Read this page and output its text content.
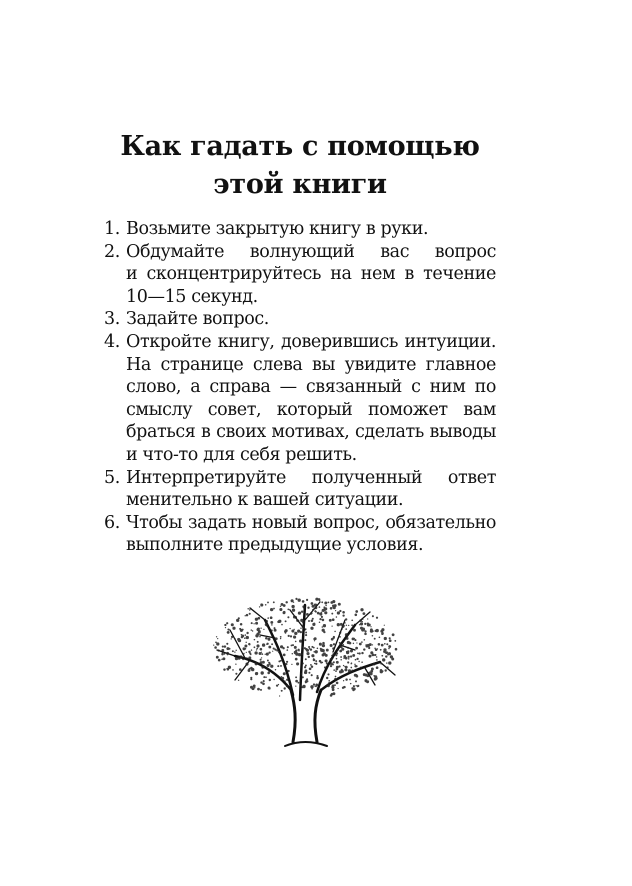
Как гадать с помощью
этой книги
1. Возьмите закрытую книгу в руки.
2. Обдумайте волнующий вас вопрос
и сконцентрируйтесь на нем в течение
10—15 секунд.
3. Задайте вопрос.
4. Откройте книгу, доверившись интуиции.
На странице слева вы увидите главное
слово, а справа — связанный с ним по
смыслу совет, который поможет вам
браться в своих мотивах, сделать выводы
и что-то для себя решить.
5. Интерпретируйте полученный ответ
менительно к вашей ситуации.
6. Чтобы задать новый вопрос, обязательно
выполните предыдущие условия.
